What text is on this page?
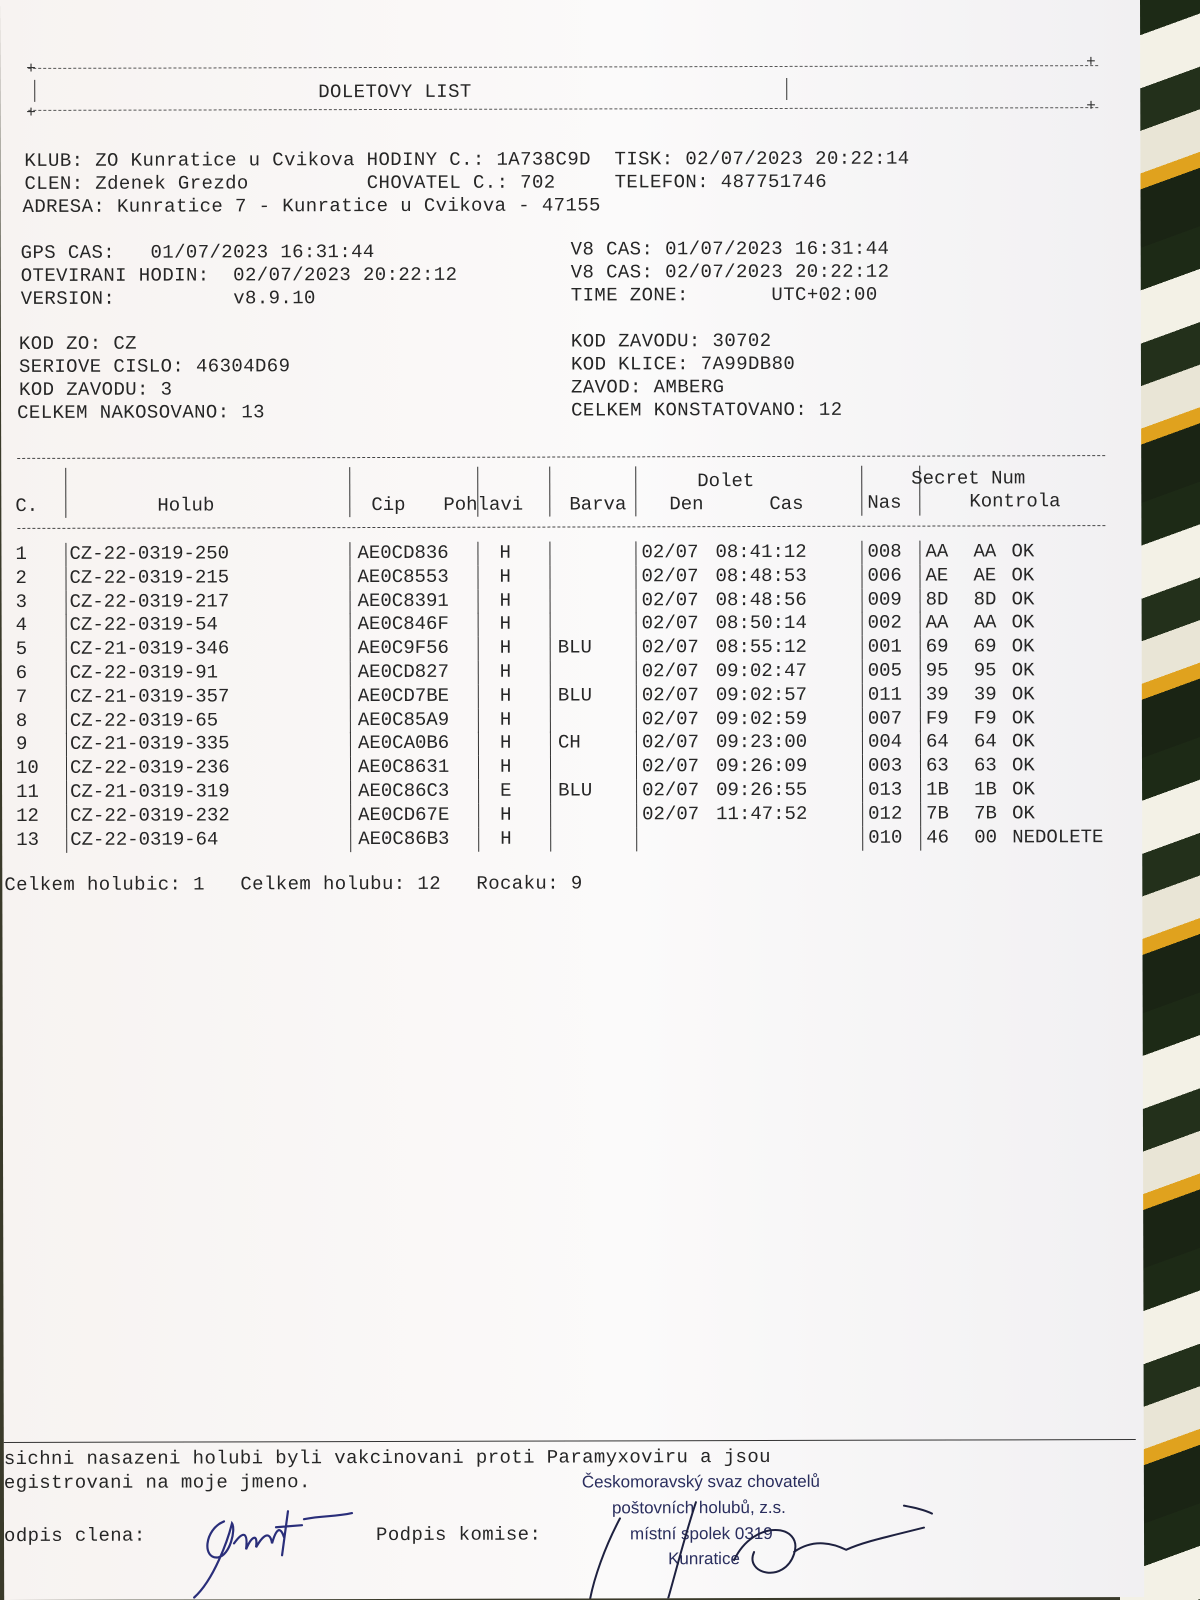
+	+
DOLETOVY LIST
+	+
KLUB: ZO Kunratice u Cvikova HODINY C.: 1A738C9D  TISK: 02/07/2023 20:22:14
CLEN: Zdenek Grezdo          CHOVATEL C.: 702     TELEFON: 487751746
ADRESA: Kunratice 7 - Kunratice u Cvikova - 47155
GPS CAS:   01/07/2023 16:31:44
OTEVIRANI HODIN:  02/07/2023 20:22:12
VERSION:          v8.9.10
V8 CAS: 01/07/2023 16:31:44
V8 CAS: 02/07/2023 20:22:12
TIME ZONE:       UTC+02:00
KOD ZO: CZ
SERIOVE CISLO: 46304D69
KOD ZAVODU: 3
CELKEM NAKOSOVANO: 13
KOD ZAVODU: 30702
KOD KLICE: 7A99DB80
ZAVOD: AMBERG
CELKEM KONSTATOVANO: 12
C.	Holub	Cip Pohlavi Barva
Dolet
Den	Cas	Nas
Secret Num
Kontrola
1 CZ-22-0319-250	AE0CD836	H	02/07 08:41:12	008 AA AA OK
2 CZ-22-0319-215	AE0C8553	H	02/07 08:48:53	006 AE AE OK
3 CZ-22-0319-217	AE0C8391	H	02/07 08:48:56	009 8D 8D OK
4 CZ-22-0319-54	AE0C846F	H	02/07 08:50:14	002 AA AA OK
5 CZ-21-0319-346	AE0C9F56	H BLU	02/07 08:55:12	001 69 69 OK
6 CZ-22-0319-91	AE0CD827	H	02/07 09:02:47	005 95 95 OK
7 CZ-21-0319-357	AE0CD7BE	H BLU	02/07 09:02:57	011 39 39 OK
8 CZ-22-0319-65	AE0C85A9	H	02/07 09:02:59	007 F9 F9 OK
9 CZ-21-0319-335	AE0CA0B6	H CH	02/07 09:23:00	004 64 64 OK
10 CZ-22-0319-236	AE0C8631	H	02/07 09:26:09	003 63 63 OK
11 CZ-21-0319-319	AE0C86C3	E BLU	02/07 09:26:55	013 1B 1B OK
12 CZ-22-0319-232	AE0CD67E	H	02/07 11:47:52	012 7B 7B OK
13 CZ-22-0319-64	AE0C86B3	H	010 46 00 NEDOLETE
Celkem holubic: 1   Celkem holubu: 12   Rocaku: 9
sichni nasazeni holubi byli vakcinovani proti Paramyxoviru a jsou
egistrovani na moje jmeno.
odpis clena:	Podpis komise:
Českomoravský svaz chovatelů
poštovních holubů, z.s.
místní spolek 0319
Kunratice
